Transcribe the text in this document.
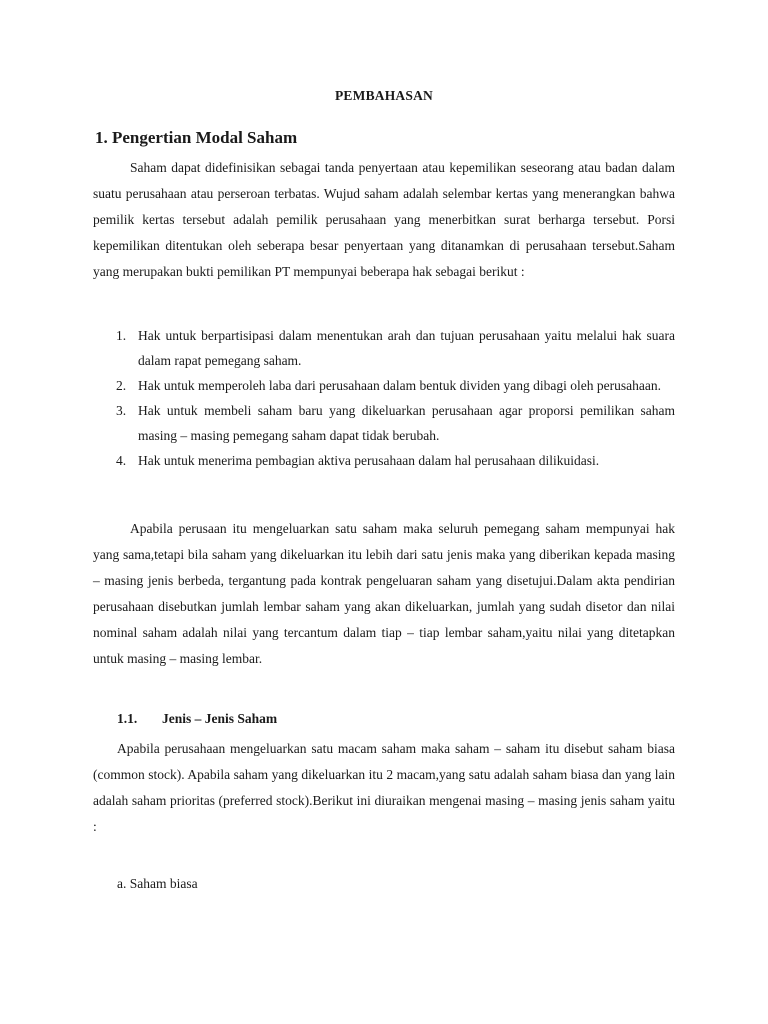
PEMBAHASAN
1. Pengertian Modal Saham

Saham dapat didefinisikan sebagai tanda penyertaan atau kepemilikan seseorang atau badan dalam suatu perusahaan atau perseroan terbatas. Wujud saham adalah selembar kertas yang menerangkan bahwa pemilik kertas tersebut adalah pemilik perusahaan yang menerbitkan surat berharga tersebut. Porsi kepemilikan ditentukan oleh seberapa besar penyertaan yang ditanamkan di perusahaan tersebut.Saham yang merupakan bukti pemilikan PT mempunyai beberapa hak sebagai berikut :

1. Hak untuk berpartisipasi dalam menentukan arah dan tujuan perusahaan yaitu melalui hak suara dalam rapat pemegang saham.
2. Hak untuk memperoleh laba dari perusahaan dalam bentuk dividen yang dibagi oleh perusahaan.
3. Hak untuk membeli saham baru yang dikeluarkan perusahaan agar proporsi pemilikan saham masing – masing pemegang saham dapat tidak berubah.
4. Hak untuk menerima pembagian aktiva perusahaan dalam hal perusahaan dilikuidasi.

Apabila perusaan itu mengeluarkan satu saham maka seluruh pemegang saham mempunyai hak yang sama,tetapi bila saham yang dikeluarkan itu lebih dari satu jenis maka yang diberikan kepada masing – masing jenis berbeda, tergantung pada kontrak pengeluaran saham yang disetujui.Dalam akta pendirian perusahaan disebutkan jumlah lembar saham yang akan dikeluarkan, jumlah yang sudah disetor dan nilai nominal saham adalah nilai yang tercantum dalam tiap – tiap lembar saham,yaitu nilai yang ditetapkan untuk masing – masing lembar.

1.1. Jenis – Jenis Saham

Apabila perusahaan mengeluarkan satu macam saham maka saham – saham itu disebut saham biasa (common stock). Apabila saham yang dikeluarkan itu 2 macam,yang satu adalah saham biasa dan yang lain adalah saham prioritas (preferred stock).Berikut ini diuraikan mengenai masing – masing jenis saham yaitu :

a. Saham biasa
